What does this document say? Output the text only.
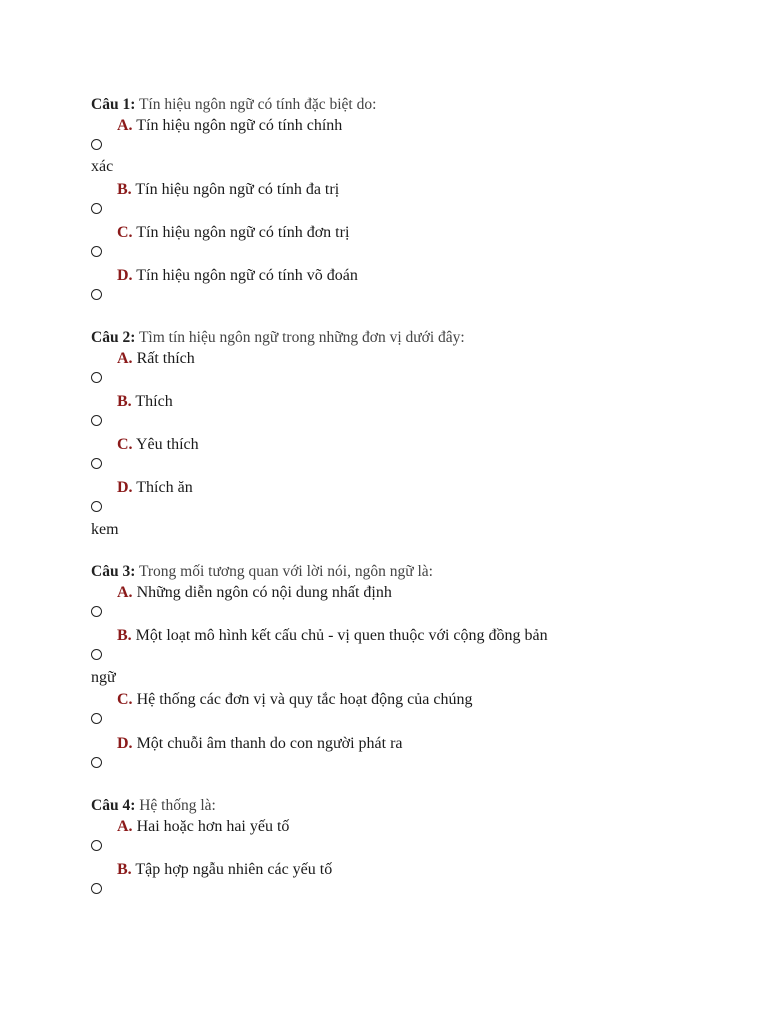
Câu 1: Tín hiệu ngôn ngữ có tính đặc biệt do:
A. Tín hiệu ngôn ngữ có tính chính
xác
B. Tín hiệu ngôn ngữ có tính đa trị
C. Tín hiệu ngôn ngữ có tính đơn trị
D. Tín hiệu ngôn ngữ có tính võ đoán
Câu 2: Tìm tín hiệu ngôn ngữ trong những đơn vị dưới đây:
A. Rất thích
B. Thích
C. Yêu thích
D. Thích ăn
kem
Câu 3: Trong mối tương quan với lời nói, ngôn ngữ là:
A. Những diễn ngôn có nội dung nhất định
B. Một loạt mô hình kết cấu chủ - vị quen thuộc với cộng đồng bản
ngữ
C. Hệ thống các đơn vị và quy tắc hoạt động của chúng
D. Một chuỗi âm thanh do con người phát ra
Câu 4: Hệ thống là:
A. Hai hoặc hơn hai yếu tố
B. Tập hợp ngẫu nhiên các yếu tố
